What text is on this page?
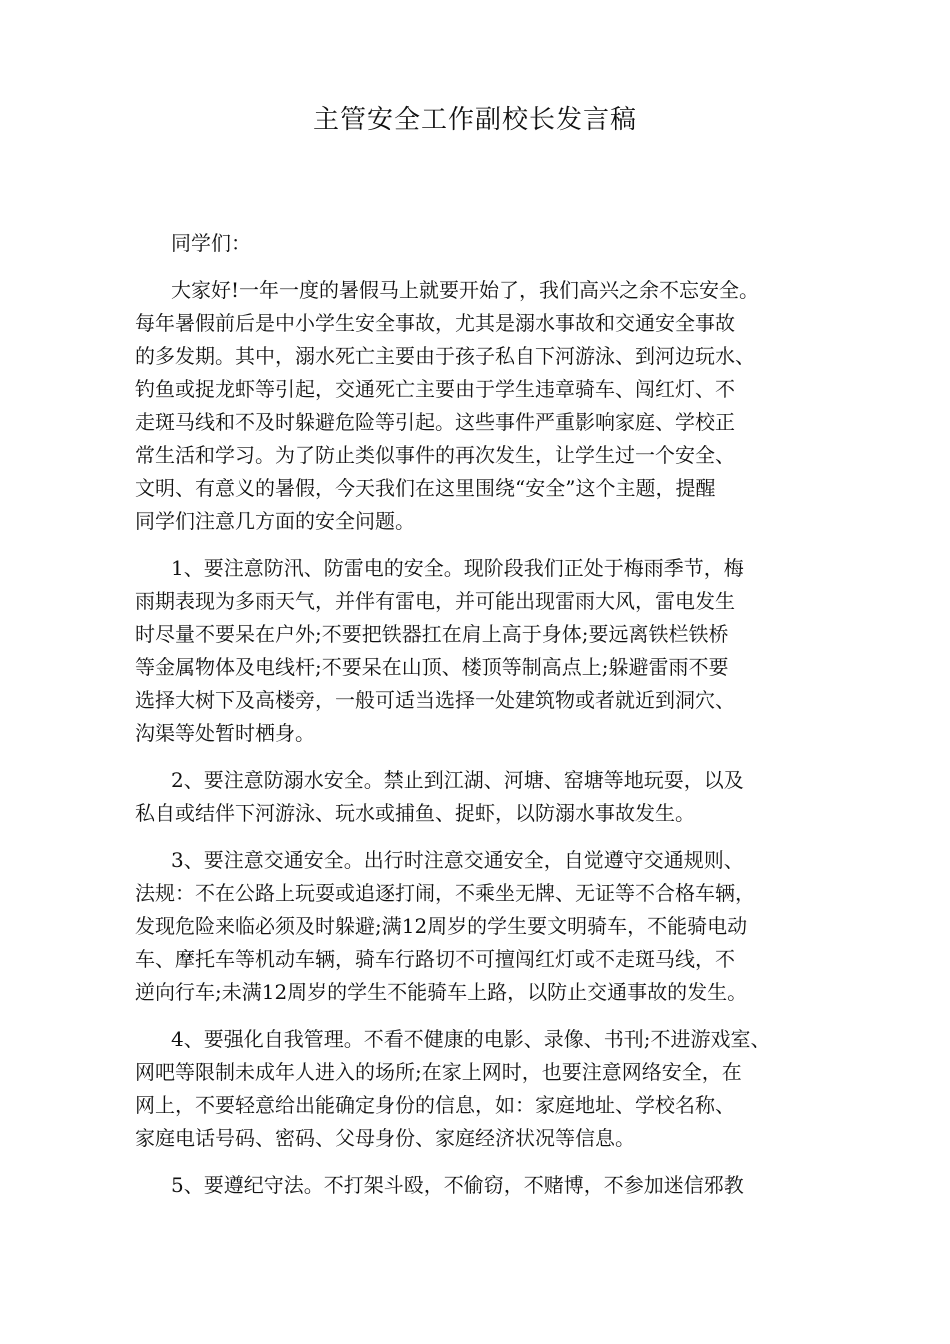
主管安全工作副校长发言稿
同学们：
大家好!一年一度的暑假马上就要开始了，我们高兴之余不忘安全。
每年暑假前后是中小学生安全事故，尤其是溺水事故和交通安全事故
的多发期。其中，溺水死亡主要由于孩子私自下河游泳、到河边玩水、
钓鱼或捉龙虾等引起，交通死亡主要由于学生违章骑车、闯红灯、不
走斑马线和不及时躲避危险等引起。这些事件严重影响家庭、学校正
常生活和学习。为了防止类似事件的再次发生，让学生过一个安全、
文明、有意义的暑假，今天我们在这里围绕“安全”这个主题，提醒
同学们注意几方面的安全问题。
1、要注意防汛、防雷电的安全。现阶段我们正处于梅雨季节，梅
雨期表现为多雨天气，并伴有雷电，并可能出现雷雨大风，雷电发生
时尽量不要呆在户外;不要把铁器扛在肩上高于身体;要远离铁栏铁桥
等金属物体及电线杆;不要呆在山顶、楼顶等制高点上;躲避雷雨不要
选择大树下及高楼旁，一般可适当选择一处建筑物或者就近到洞穴、
沟渠等处暂时栖身。
2、要注意防溺水安全。禁止到江湖、河塘、窑塘等地玩耍，以及
私自或结伴下河游泳、玩水或捕鱼、捉虾，以防溺水事故发生。
3、要注意交通安全。出行时注意交通安全，自觉遵守交通规则、
法规：不在公路上玩耍或追逐打闹，不乘坐无牌、无证等不合格车辆，
发现危险来临必须及时躲避;满12周岁的学生要文明骑车，不能骑电动
车、摩托车等机动车辆，骑车行路切不可擅闯红灯或不走斑马线，不
逆向行车;未满12周岁的学生不能骑车上路，以防止交通事故的发生。
4、要强化自我管理。不看不健康的电影、录像、书刊;不进游戏室、
网吧等限制未成年人进入的场所;在家上网时，也要注意网络安全，在
网上，不要轻意给出能确定身份的信息，如：家庭地址、学校名称、
家庭电话号码、密码、父母身份、家庭经济状况等信息。
5、要遵纪守法。不打架斗殴，不偷窃，不赌博，不参加迷信邪教
